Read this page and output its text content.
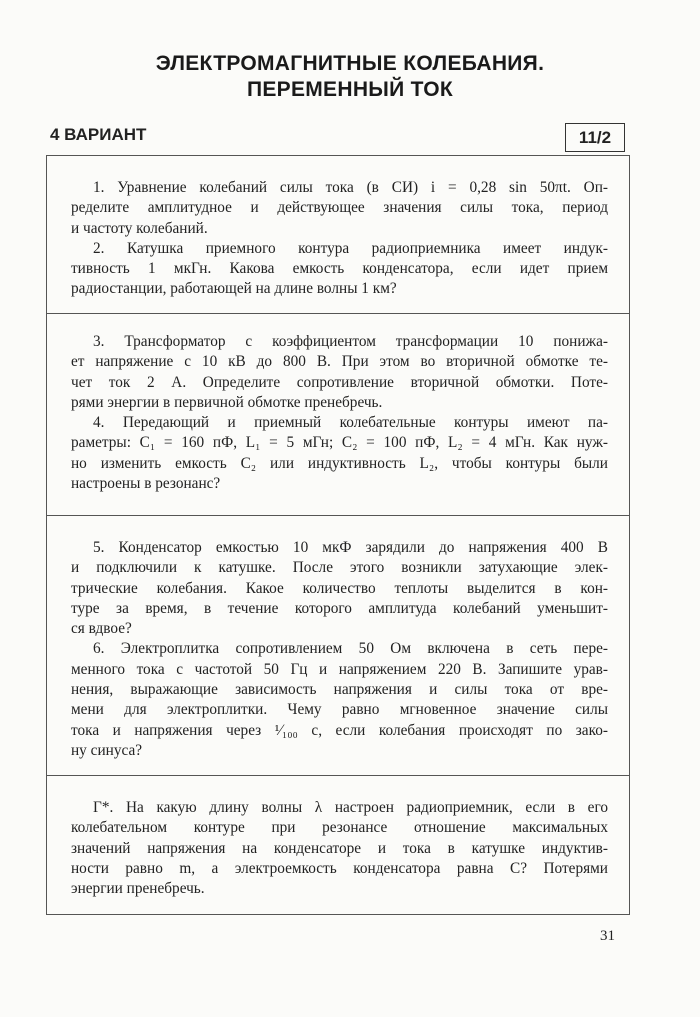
ЭЛЕКТРОМАГНИТНЫЕ КОЛЕБАНИЯ.
ПЕРЕМЕННЫЙ ТОК
4 ВАРИАНТ	11/2
1. Уравнение колебаний силы тока (в СИ) i = 0,28 sin 50πt. Оп-
ределите амплитудное и действующее значения силы тока, период
и частоту колебаний.
2. Катушка приемного контура радиоприемника имеет индук-
тивность 1 мкГн. Какова емкость конденсатора, если идет прием
радиостанции, работающей на длине волны 1 км?
3. Трансформатор с коэффициентом трансформации 10 понижа-
ет напряжение с 10 кВ до 800 В. При этом во вторичной обмотке те-
чет ток 2 А. Определите сопротивление вторичной обмотки. Поте-
рями энергии в первичной обмотке пренебречь.
4. Передающий и приемный колебательные контуры имеют па-
раметры: C₁ = 160 пФ, L₁ = 5 мГн; C₂ = 100 пФ, L₂ = 4 мГн. Как нуж-
но изменить емкость C₂ или индуктивность L₂, чтобы контуры были
настроены в резонанс?
5. Конденсатор емкостью 10 мкФ зарядили до напряжения 400 В
и подключили к катушке. После этого возникли затухающие элек-
трические колебания. Какое количество теплоты выделится в кон-
туре за время, в течение которого амплитуда колебаний уменьшит-
ся вдвое?
6. Электроплитка сопротивлением 50 Ом включена в сеть пере-
менного тока с частотой 50 Гц и напряжением 220 В. Запишите урав-
нения, выражающие зависимость напряжения и силы тока от вре-
мени для электроплитки. Чему равно мгновенное значение силы
тока и напряжения через ¹⁄₁₀₀ с, если колебания происходят по зако-
ну синуса?
Г*. На какую длину волны λ настроен радиоприемник, если в его
колебательном контуре при резонансе отношение максимальных
значений напряжения на конденсаторе и тока в катушке индуктив-
ности равно m, а электроемкость конденсатора равна C? Потерями
энергии пренебречь.
31
